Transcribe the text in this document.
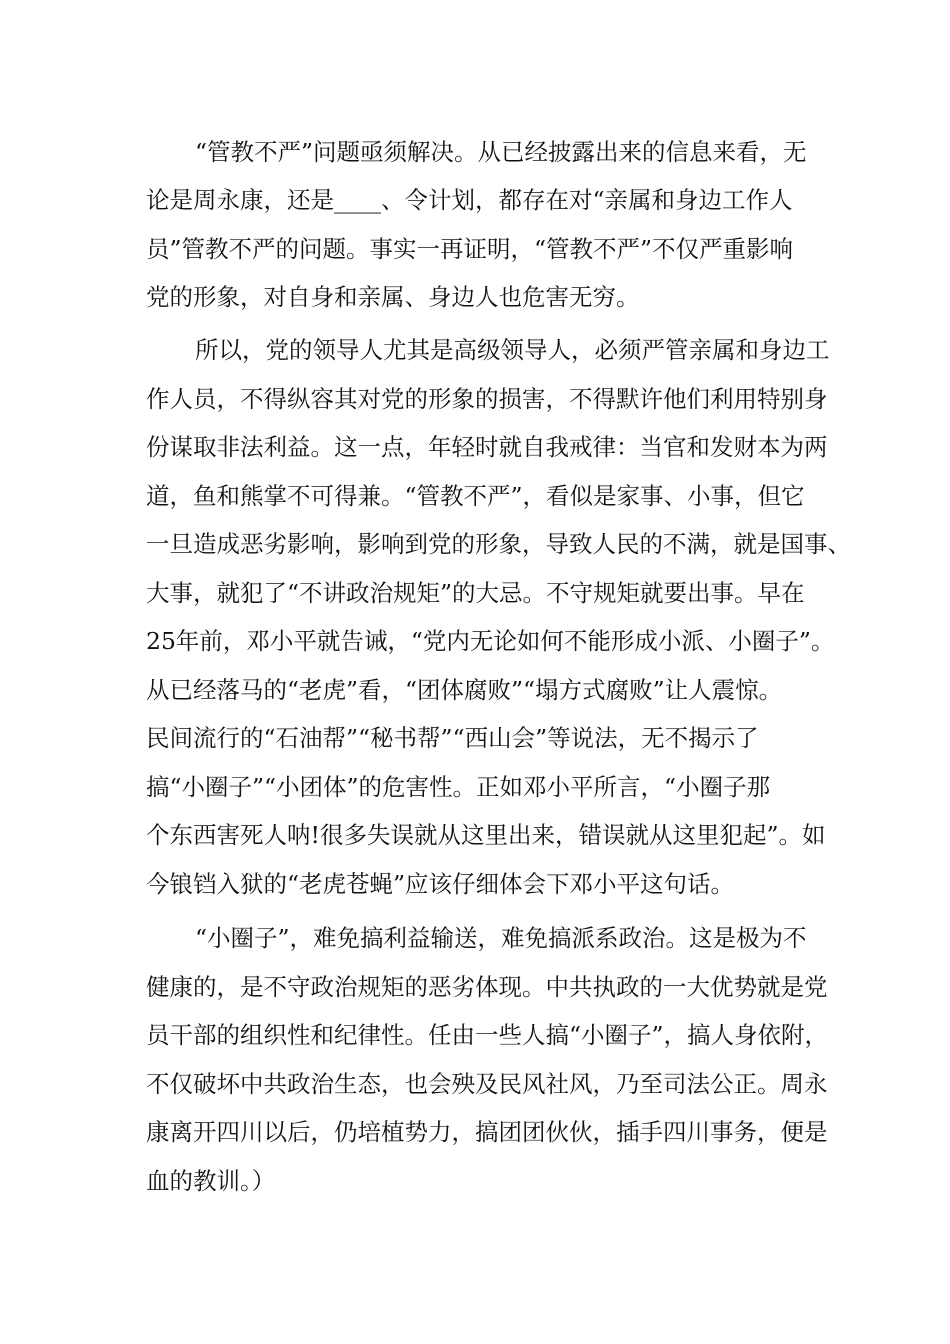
“管教不严”问题亟须解决。从已经披露出来的信息来看，无

论是周永康，还是____、令计划，都存在对“亲属和身边工作人

员”管教不严的问题。事实一再证明，“管教不严”不仅严重影响

党的形象，对自身和亲属、身边人也危害无穷。

所以，党的领导人尤其是高级领导人，必须严管亲属和身边工

作人员，不得纵容其对党的形象的损害，不得默许他们利用特别身

份谋取非法利益。这一点，年轻时就自我戒律：当官和发财本为两

道，鱼和熊掌不可得兼。“管教不严”，看似是家事、小事，但它

一旦造成恶劣影响，影响到党的形象，导致人民的不满，就是国事、

大事，就犯了“不讲政治规矩”的大忌。不守规矩就要出事。早在

25年前，邓小平就告诫，“党内无论如何不能形成小派、小圈子”。

从已经落马的“老虎”看，“团体腐败”“塌方式腐败”让人震惊。

民间流行的“石油帮”“秘书帮”“西山会”等说法，无不揭示了

搞“小圈子”“小团体”的危害性。正如邓小平所言，“小圈子那

个东西害死人呐!很多失误就从这里出来，错误就从这里犯起”。如

今锒铛入狱的“老虎苍蝇”应该仔细体会下邓小平这句话。

“小圈子”，难免搞利益输送，难免搞派系政治。这是极为不

健康的，是不守政治规矩的恶劣体现。中共执政的一大优势就是党

员干部的组织性和纪律性。任由一些人搞“小圈子”，搞人身依附，

不仅破坏中共政治生态，也会殃及民风社风，乃至司法公正。周永

康离开四川以后，仍培植势力，搞团团伙伙，插手四川事务，便是

血的教训。）
